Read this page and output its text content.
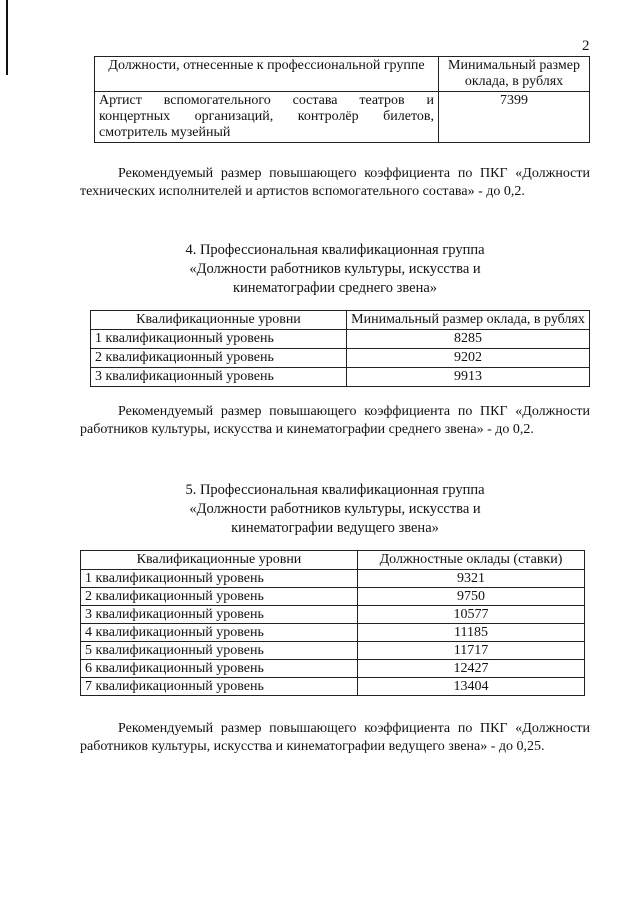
2
Должности, отнесенные к профессиональной группе	Минимальный размер оклада, в рублях
Артист вспомогательного состава театров и концертных организаций, контролёр билетов, смотритель музейный	7399

Рекомендуемый размер повышающего коэффициента по ПКГ «Должности технических исполнителей и артистов вспомогательного состава» - до 0,2.

4. Профессиональная квалификационная группа

«Должности работников культуры, искусства и

кинематографии среднего звена»

Квалификационные уровни	Минимальный размер оклада, в рублях
1 квалификационный уровень	8285
2 квалификационный уровень	9202
3 квалификационный уровень	9913

Рекомендуемый размер повышающего коэффициента по ПКГ «Должности работников культуры, искусства и кинематографии среднего звена» - до 0,2.

5. Профессиональная квалификационная группа

«Должности работников культуры, искусства и

кинематографии ведущего звена»

Квалификационные уровни	Должностные оклады (ставки)
1 квалификационный уровень	9321
2 квалификационный уровень	9750
3 квалификационный уровень	10577
4 квалификационный уровень	11185
5 квалификационный уровень	11717
6 квалификационный уровень	12427
7 квалификационный уровень	13404

Рекомендуемый размер повышающего коэффициента по ПКГ «Должности работников культуры, искусства и кинематографии ведущего звена» - до 0,25.
